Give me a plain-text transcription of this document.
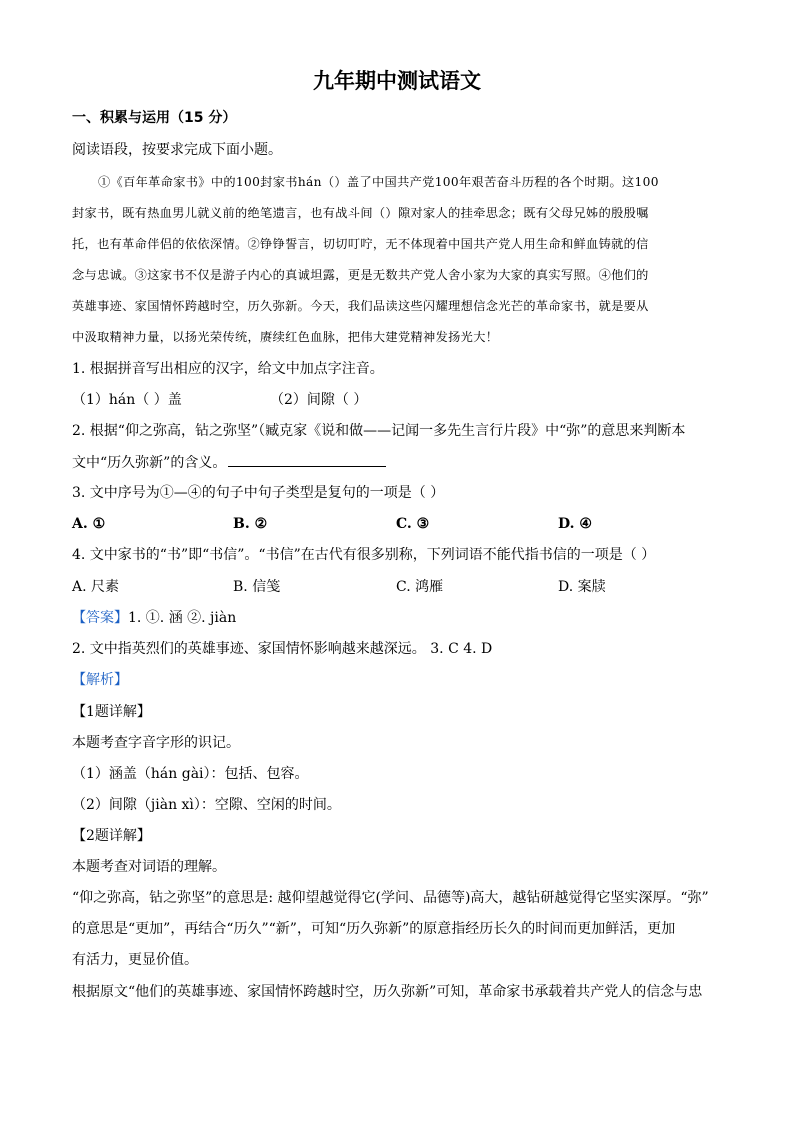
九年期中测试语文
一、积累与运用（15 分）
阅读语段，按要求完成下面小题。
①《百年革命家书》中的100封家书hán（）盖了中国共产党100年艰苦奋斗历程的各个时期。这100
封家书，既有热血男儿就义前的绝笔遗言，也有战斗间（）隙对家人的挂牵思念；既有父母兄姊的殷殷嘱
托，也有革命伴侣的依依深情。②铮铮誓言，切切叮咛，无不体现着中国共产党人用生命和鲜血铸就的信
念与忠诚。③这家书不仅是游子内心的真诚坦露，更是无数共产党人舍小家为大家的真实写照。④他们的
英雄事迹、家国情怀跨越时空，历久弥新。今天，我们品读这些闪耀理想信念光芒的革命家书，就是要从
中汲取精神力量，以扬光荣传统，赓续红色血脉，把伟大建党精神发扬光大！
1. 根据拼音写出相应的汉字，给文中加点字注音。
（1）hán（ ）盖	（2）间隙（ ）
2. 根据“仰之弥高，钻之弥坚”（臧克家《说和做——记闻一多先生言行片段》中“弥”的意思来判断本
文中“历久弥新”的含义。
3. 文中序号为①—④的句子中句子类型是复句的一项是（ ）
A. ①	B. ②	C. ③	D. ④
4. 文中家书的“书”即“书信”。“书信”在古代有很多别称，下列词语不能代指书信的一项是（ ）
A. 尺素	B. 信笺	C. 鸿雁	D. 案牍
【答案】1. ①. 涵 ②. jiàn
2. 文中指英烈们的英雄事迹、家国情怀影响越来越深远。 3. C 4. D
【解析】
【1题详解】
本题考查字音字形的识记。
（1）涵盖（hán gài）：包括、包容。
（2）间隙（jiàn xì）：空隙、空闲的时间。
【2题详解】
本题考查对词语的理解。
“仰之弥高，钻之弥坚”的意思是: 越仰望越觉得它(学问、品德等)高大，越钻研越觉得它坚实深厚。“弥”
的意思是“更加”，再结合“历久”“新”，可知“历久弥新”的原意指经历长久的时间而更加鲜活，更加
有活力，更显价值。
根据原文“他们的英雄事迹、家国情怀跨越时空，历久弥新”可知，革命家书承载着共产党人的信念与忠
